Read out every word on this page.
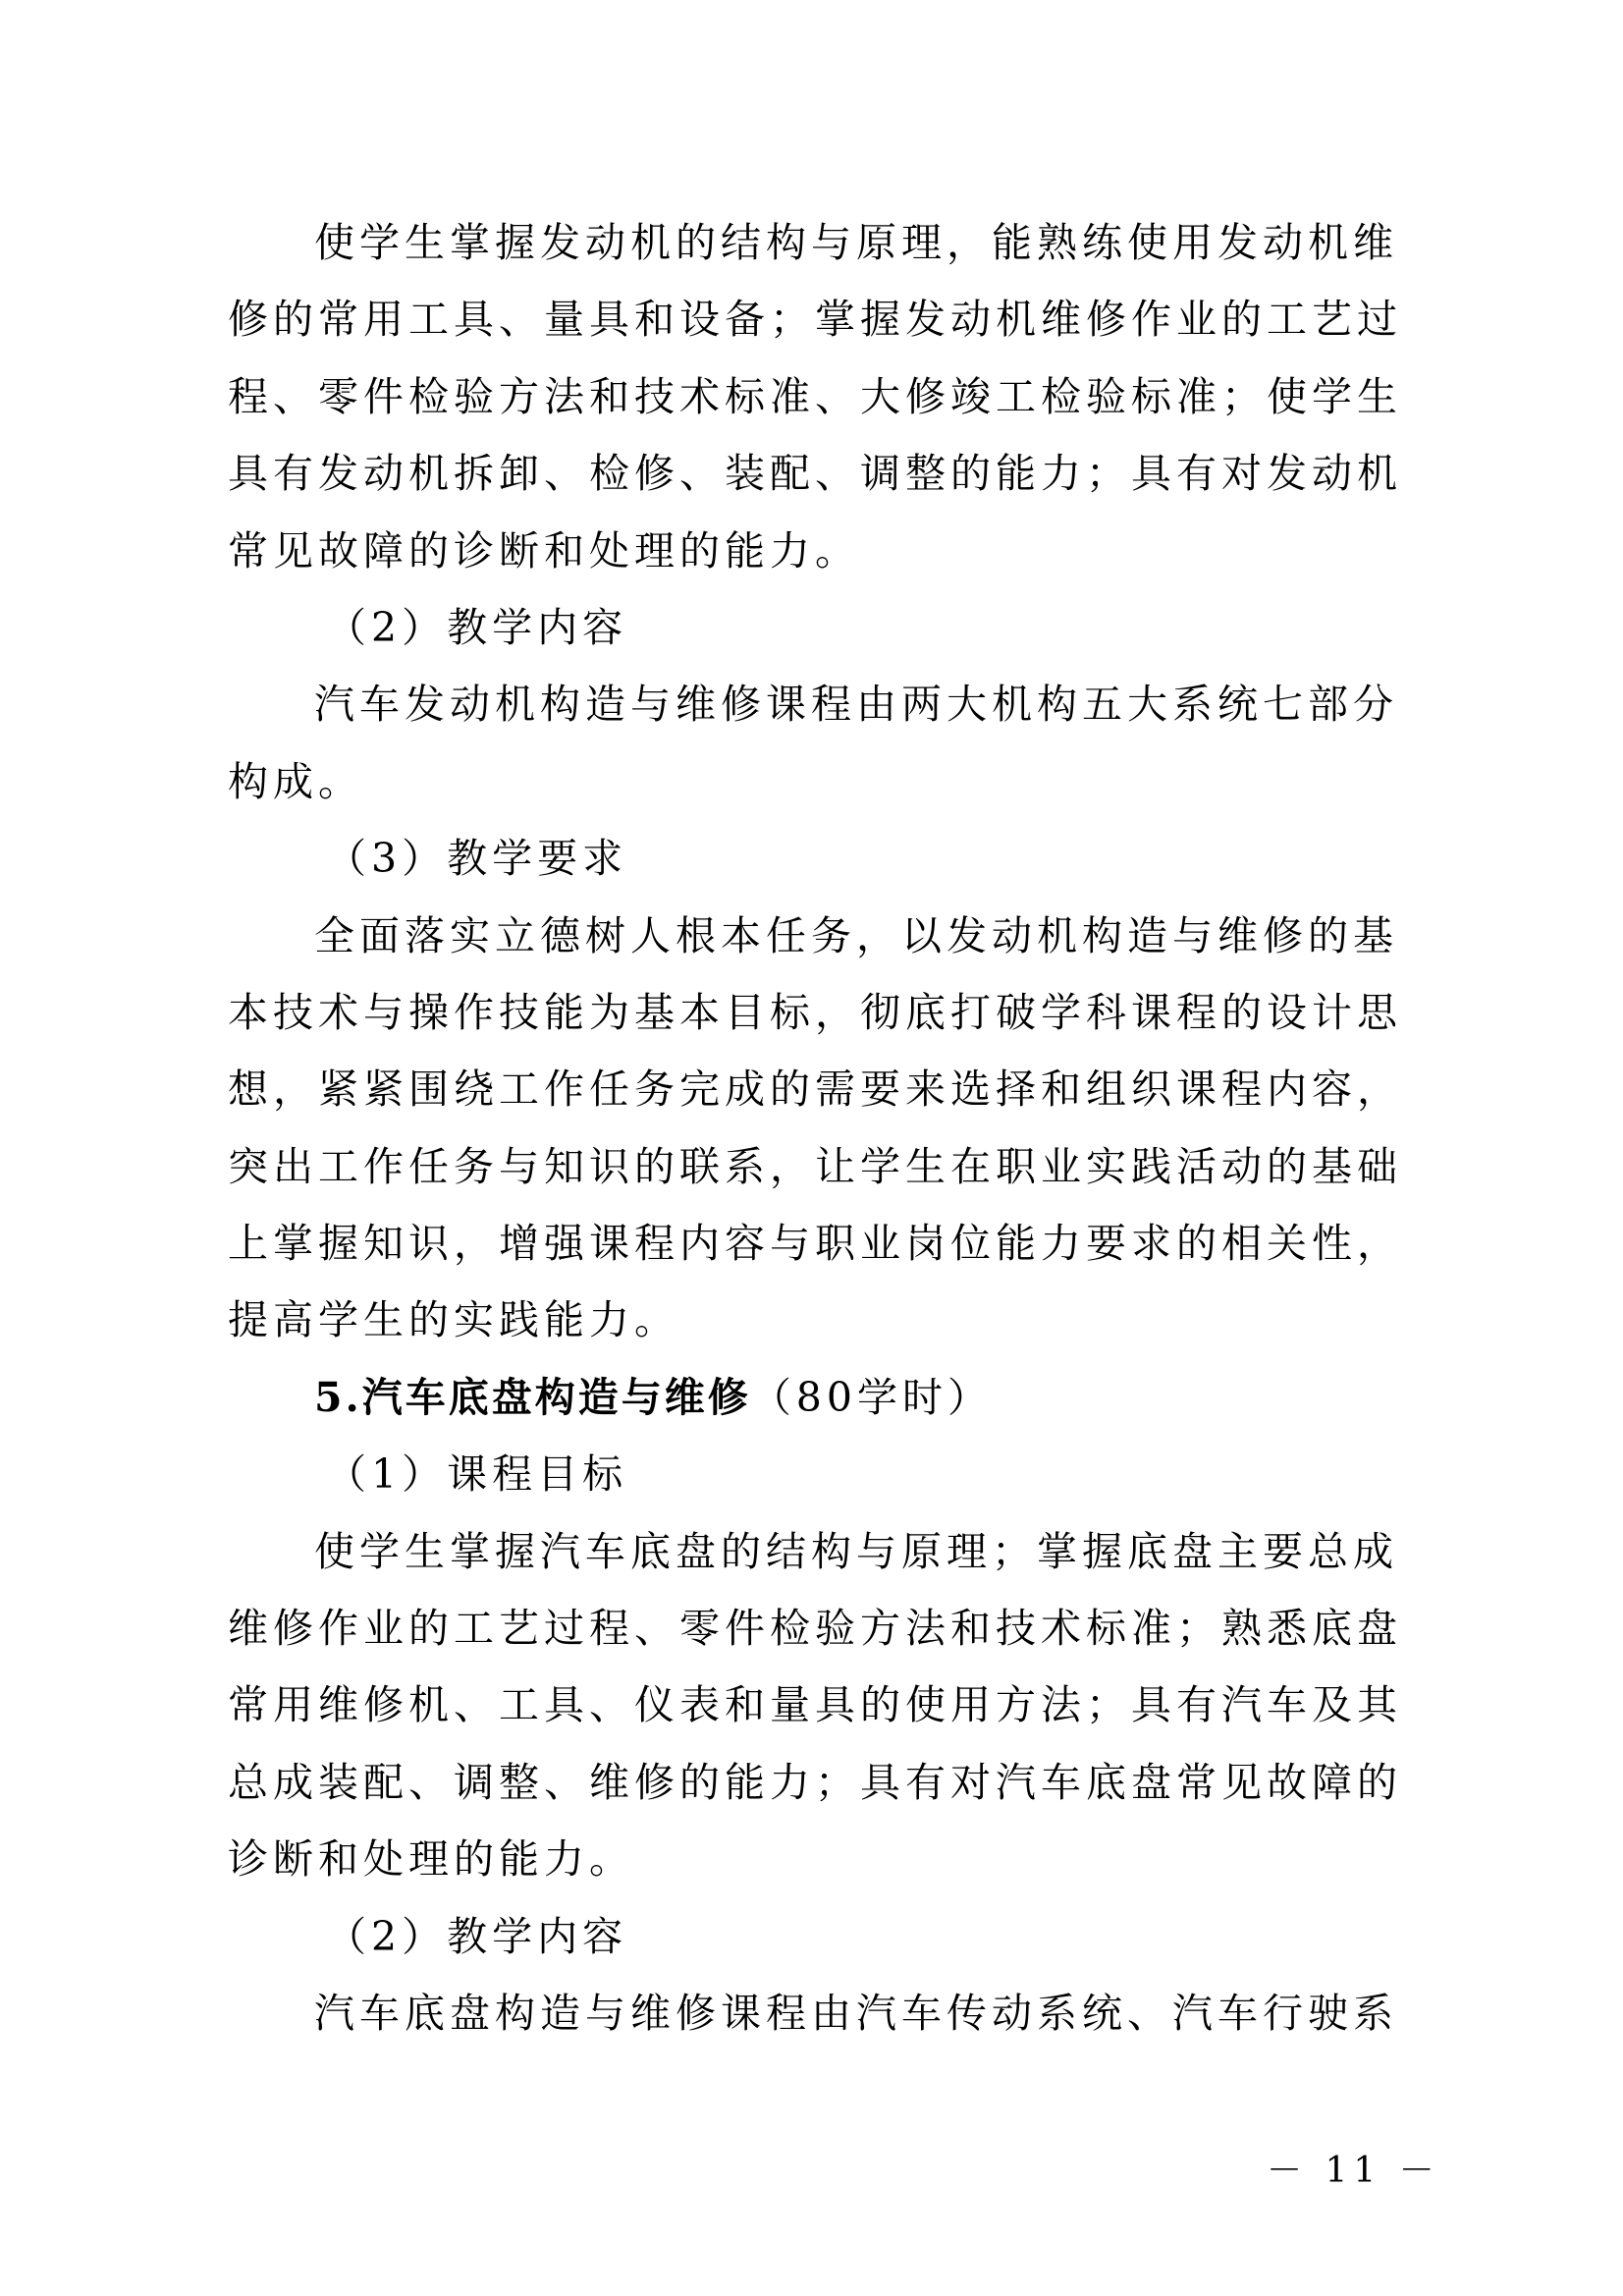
使学生掌握发动机的结构与原理，能熟练使用发动机维
修的常用工具、量具和设备；掌握发动机维修作业的工艺过
程、零件检验方法和技术标准、大修竣工检验标准；使学生
具有发动机拆卸、检修、装配、调整的能力；具有对发动机
常见故障的诊断和处理的能力。
（2）教学内容
汽车发动机构造与维修课程由两大机构五大系统七部分
构成。
（3）教学要求
全面落实立德树人根本任务，以发动机构造与维修的基
本技术与操作技能为基本目标，彻底打破学科课程的设计思
想，紧紧围绕工作任务完成的需要来选择和组织课程内容，
突出工作任务与知识的联系，让学生在职业实践活动的基础
上掌握知识，增强课程内容与职业岗位能力要求的相关性，
提高学生的实践能力。
5.汽车底盘构造与维修（80学时）
（1）课程目标
使学生掌握汽车底盘的结构与原理；掌握底盘主要总成
维修作业的工艺过程、零件检验方法和技术标准；熟悉底盘
常用维修机、工具、仪表和量具的使用方法；具有汽车及其
总成装配、调整、维修的能力；具有对汽车底盘常见故障的
诊断和处理的能力。
（2）教学内容
汽车底盘构造与维修课程由汽车传动系统、汽车行驶系
－ 11 －
